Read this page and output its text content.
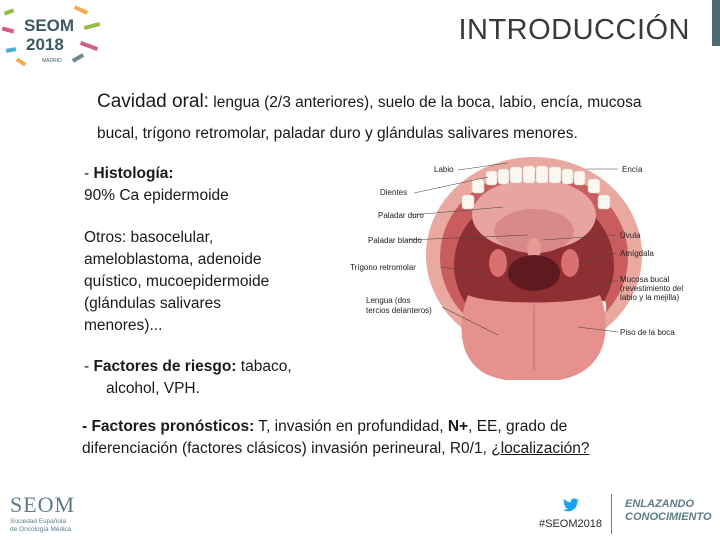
SEOM
2018
MADRID
INTRODUCCIÓN
Cavidad oral: lengua (2/3 anteriores), suelo de la boca, labio, encía, mucosa
bucal, trígono retromolar, paladar duro y glándulas salivares menores.
- Histología:
90% Ca epidermoide
Otros: basocelular, ameloblastoma, adenoide quístico, mucoepidermoide (glándulas salivares menores)...
- Factores de riesgo: tabaco,
alcohol, VPH.
- Factores pronósticos: T, invasión en profundidad, N+, EE, grado de diferenciación (factores clásicos) invasión perineural, R0/1, ¿localización?
Labio
Dientes
Paladar duro
Paladar blando
Trígono retromolar
Lengua (dos
tercios delanteros)
Encía
Úvula
Amígdala
Mucosa bucal
(revestimiento del
labio y la mejilla)
Piso de la boca
SEOM
Sociedad Española
de Oncología Médica	#SEOM2018
ENLAZANDO
CONOCIMIENTO
